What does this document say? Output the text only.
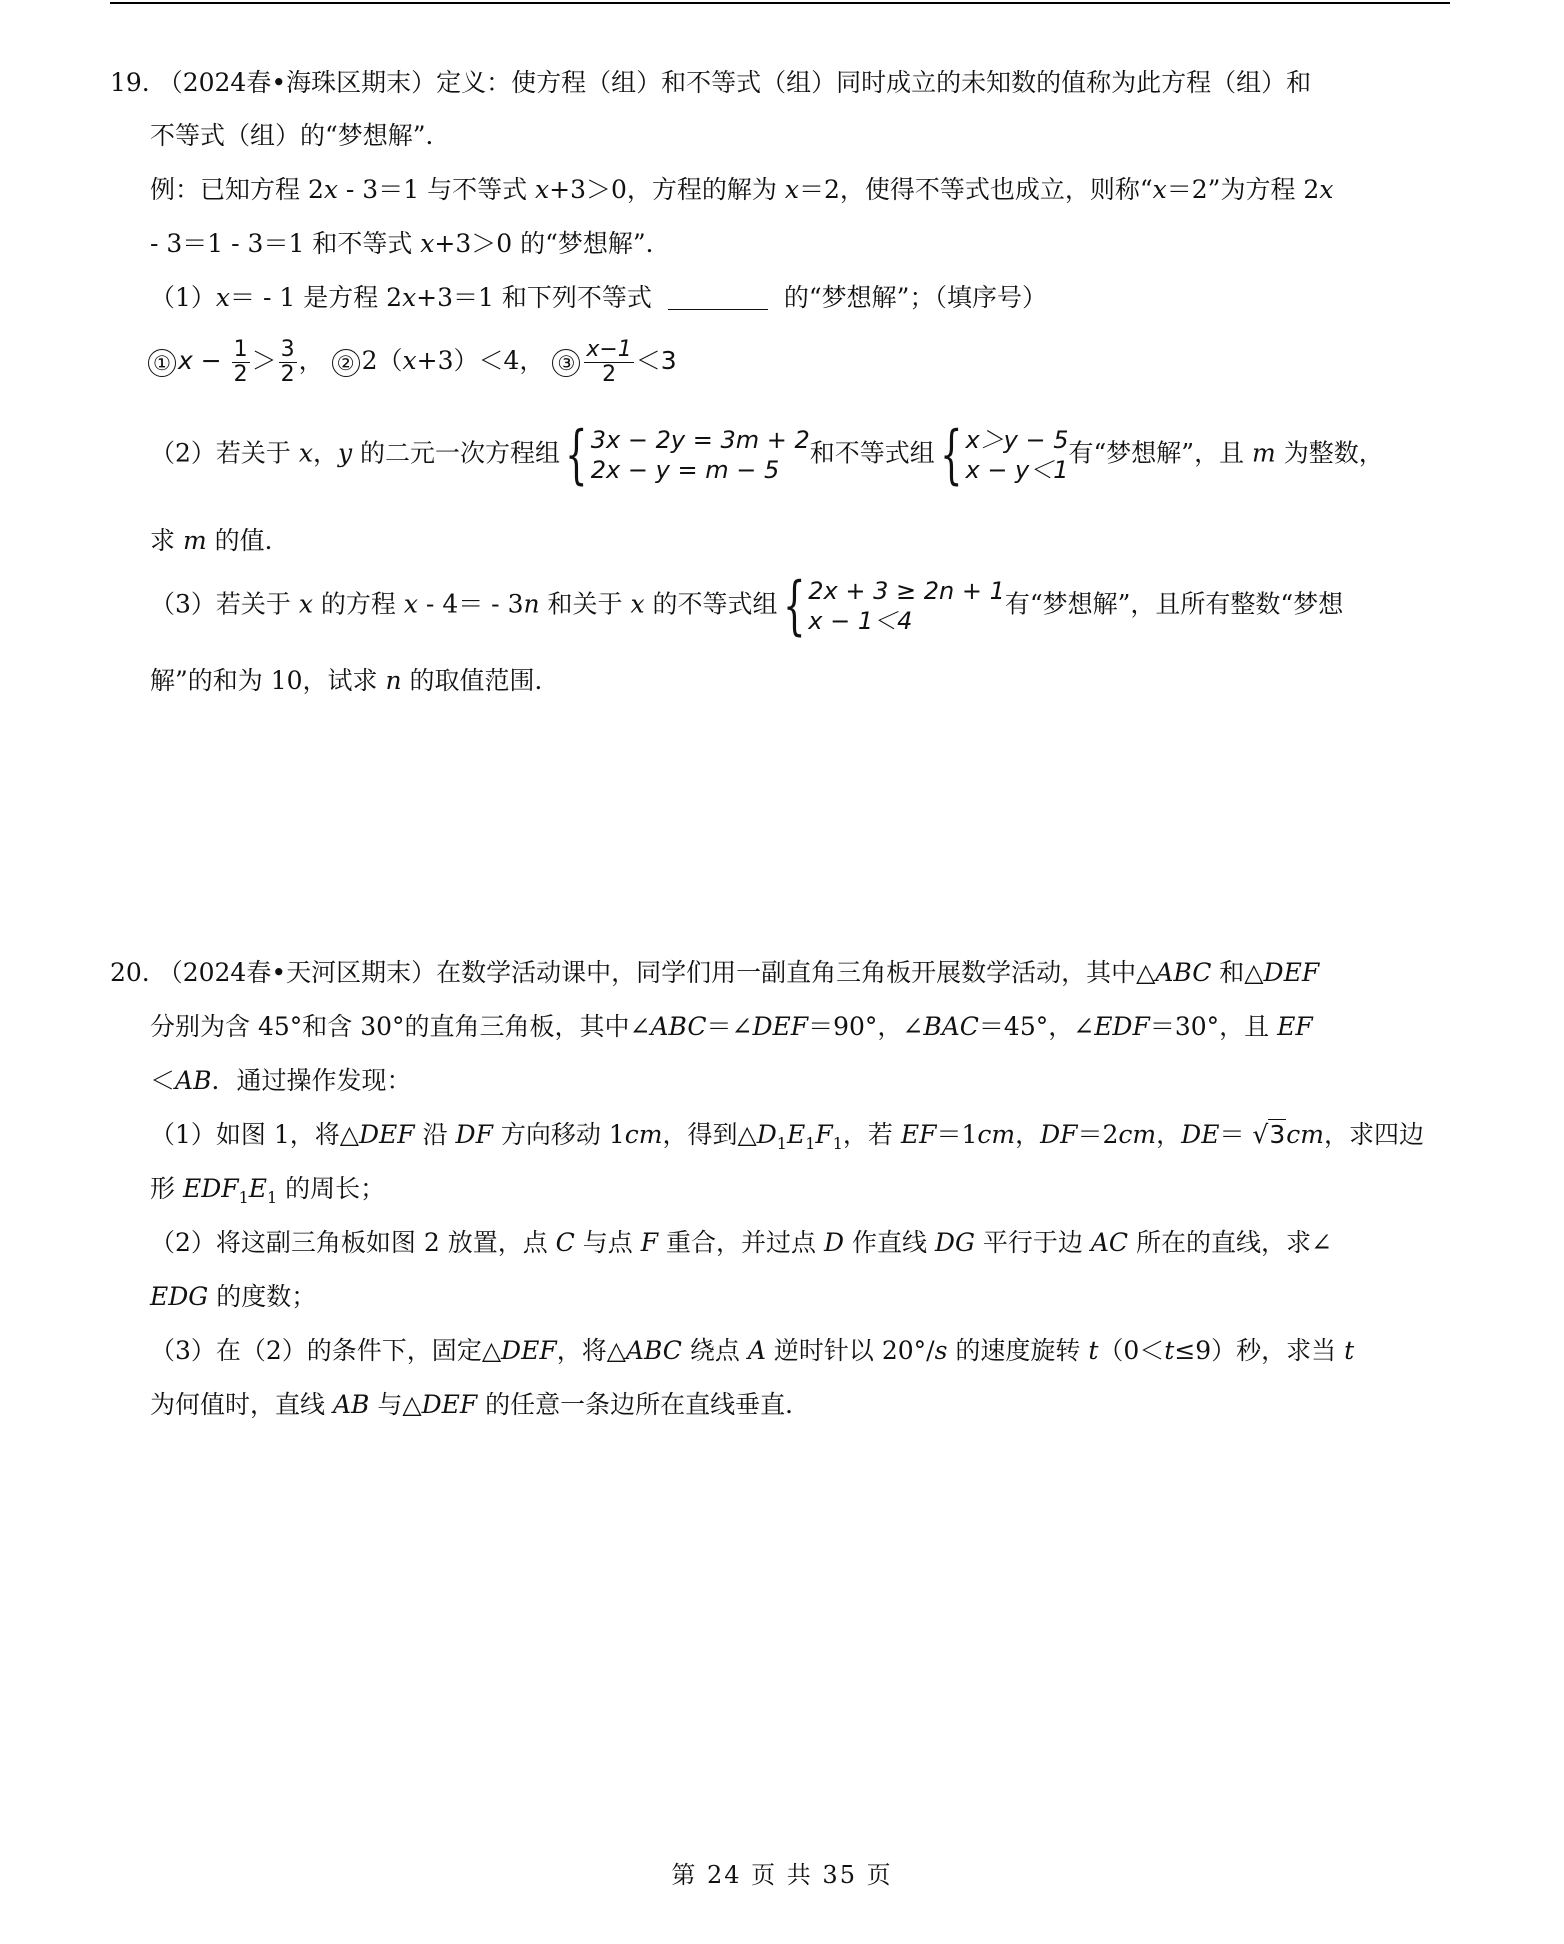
19. （2024春•海珠区期末）定义：使方程（组）和不等式（组）同时成立的未知数的值称为此方程（组）和
不等式（组）的“梦想解”．
例：已知方程 2x - 3＝1 与不等式 x+3＞0，方程的解为 x＝2，使得不等式也成立，则称“x＝2”为方程 2x
- 3＝1 - 3＝1 和不等式 x+3＞0 的“梦想解”．
（1）x＝ - 1 是方程 2x+3＝1 和下列不等式	的“梦想解”；（填序号）
① $x - \frac{1}{2} > \frac{3}{2}$ ， ② 2（x+3）＜4， ③ $\frac{x-1}{2} <3$
（2）若关于 x，y 的二元一次方程组 { 3x − 2y = 3m + 2
2x − y = m − 5
和不等式组 { x＞y − 5
x − y＜1
有“梦想解”，且 m 为整数，
求 m 的值．
（3）若关于 x 的方程 x - 4＝ - 3n 和关于 x 的不等式组 { 2x + 3 ≥ 2n + 1
x − 1＜4
有“梦想解”，且所有整数“梦想
解”的和为 10，试求 n 的取值范围．
20. （2024春•天河区期末）在数学活动课中，同学们用一副直角三角板开展数学活动，其中△ABC 和△DEF
分别为含 45°和含 30°的直角三角板，其中∠ABC＝∠DEF＝90°，∠BAC＝45°，∠EDF＝30°，且 EF
＜AB．通过操作发现：
（1）如图 1，将△DEF 沿 DF 方向移动 1cm，得到$\triangle D_1E_1F_1$，若 EF＝1cm，DF＝2cm，DE＝ √3cm，求四边
形 $EDF_1E_1$ 的周长；
（2）将这副三角板如图 2 放置，点 C 与点 F 重合，并过点 D 作直线 DG 平行于边 AC 所在的直线，求∠
EDG 的度数；
（3）在（2）的条件下，固定△DEF，将△ABC 绕点 A 逆时针以 20°/s 的速度旋转 t（0＜t≤9）秒，求当 t
为何值时，直线 AB 与△DEF 的任意一条边所在直线垂直．
第 24 页 共 35 页
